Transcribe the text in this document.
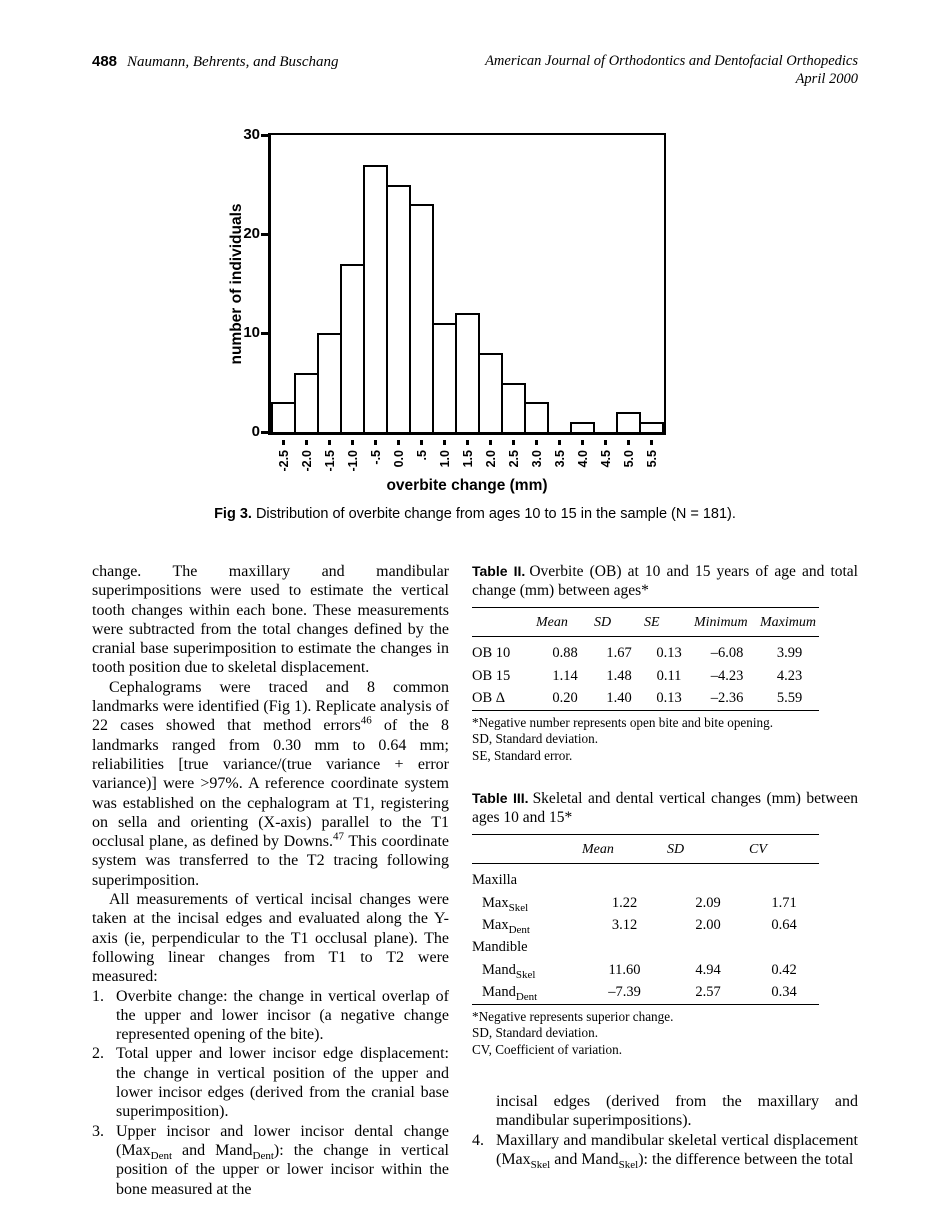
488 Naumann, Behrents, and Buschang	American Journal of Orthodontics and Dentofacial Orthopedics
April 2000
number of individuals
0
10
20
30
-2.5 -2.0 -1.5 -1.0 -.5 0.0 .5 1.0 1.5 2.0 2.5 3.0 3.5 4.0 4.5 5.0 5.5
overbite change (mm)
Fig 3. Distribution of overbite change from ages 10 to 15 in the sample (N = 181).

change. The maxillary and mandibular superimpositions were used to estimate the vertical tooth changes within each bone. These measurements were subtracted from the total changes defined by the cranial base superimposition to estimate the changes in tooth position due to skeletal displacement.

Cephalograms were traced and 8 common landmarks were identified (Fig 1). Replicate analysis of 22 cases showed that method errors$^{46}$ of the 8 landmarks ranged from 0.30 mm to 0.64 mm; reliabilities [true variance/(true variance + error variance)] were >97%. A reference coordinate system was established on the cephalogram at T1, registering on sella and orienting (X-axis) parallel to the T1 occlusal plane, as defined by Downs.$^{47}$ This coordinate system was transferred to the T2 tracing following superimposition.

All measurements of vertical incisal changes were taken at the incisal edges and evaluated along the Y-axis (ie, perpendicular to the T1 occlusal plane). The following linear changes from T1 to T2 were measured:

1. Overbite change: the change in vertical overlap of the upper and lower incisor (a negative change represented opening of the bite).
2. Total upper and lower incisor edge displacement: the change in vertical position of the upper and lower incisor edges (derived from the cranial base superimposition).
3. Upper incisor and lower incisor dental change (Max$_{Dent}$ and Mand$_{Dent}$): the change in vertical position of the upper or lower incisor within the bone measured at the
Table II. Overbite (OB) at 10 and 15 years of age and total change (mm) between ages*
	Mean	SD	SE	Minimum	Maximum
OB 10	0.88	1.67	0.13	–6.08	3.99
OB 15	1.14	1.48	0.11	–4.23	4.23
OB Δ	0.20	1.40	0.13	–2.36	5.59
*Negative number represents open bite and bite opening.
SD, Standard deviation.
SE, Standard error.
Table III. Skeletal and dental vertical changes (mm) between ages 10 and 15*
	Mean	SD	CV
Maxilla			
Max$_{Skel}$	1.22	2.09	1.71
Max$_{Dent}$	3.12	2.00	0.64
Mandible			
Mand$_{Skel}$	11.60	4.94	0.42
Mand$_{Dent}$	–7.39	2.57	0.34
*Negative represents superior change.
SD, Standard deviation.
CV, Coefficient of variation.
incisal edges (derived from the maxillary and mandibular superimpositions).
4. Maxillary and mandibular skeletal vertical displacement (Max$_{Skel}$ and Mand$_{Skel}$): the difference between the total
